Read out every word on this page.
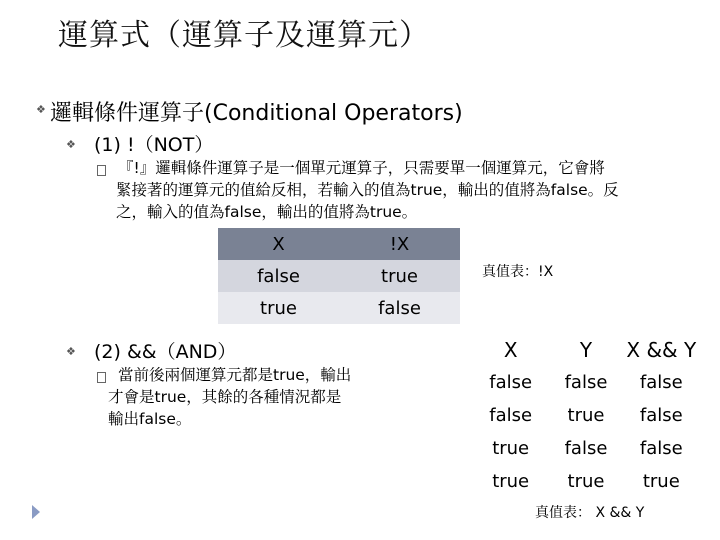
運算式（運算子及運算元）
❖ 邏輯條件運算子(Conditional Operators)
❖ (1) !（NOT）
『!』邏輯條件運算子是一個單元運算子，只需要單一個運算元，它會將
緊接著的運算元的值給反相，若輸入的值為true，輸出的值將為false。反
之，輸入的值為false，輸出的值將為true。
X	!X
false	true
true	false
真值表：!X
❖ (2) &&（AND）
當前後兩個運算元都是true，輸出
才會是true，其餘的各種情況都是
輸出false。
X	Y	X && Y
false	false	false
false	true	false
true	false	false
true	true	true
真值表： X && Y
